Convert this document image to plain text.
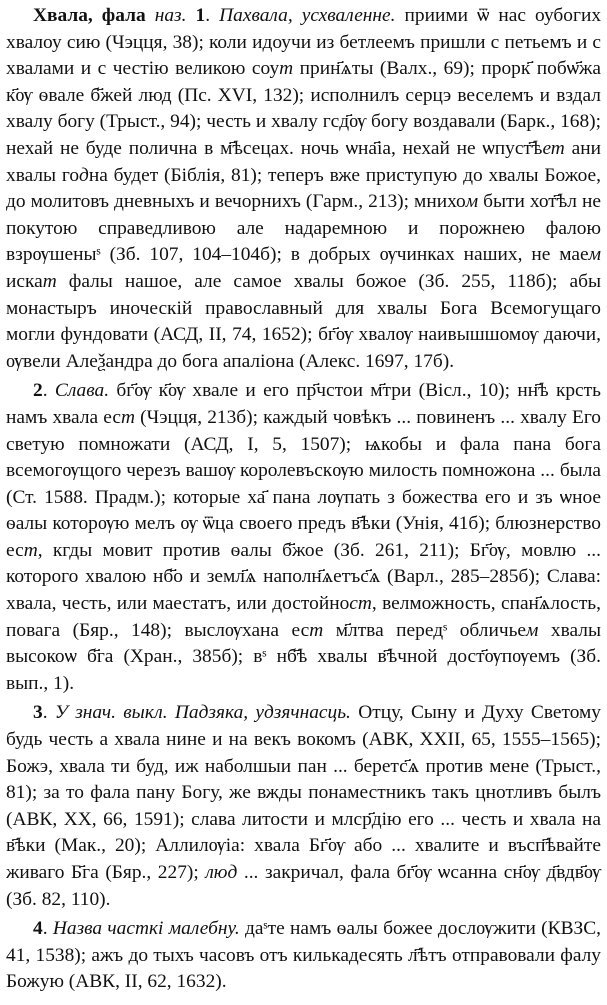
Хвала, фала наз. 1. Пахвала, усхваленне. приими ѿ нас оубогих хвалоу сию (Чэцця, 38); коли идоучи из бетлеемъ пришли с петьемъ и с хвалами и с честію великою соут прин҃ѧты (Валх., 69); прорк҃ побѡ҃жа к҃ѹ ѳвале б҃жей люд (Пс. XVI, 132); исполнилъ серцэ веселемъ и вздал хвалу богу (Трыст., 94); честь и хвалу гсд҃ѹ богу воздавали (Барк., 168); нехай не буде полична в м҃ѣсецах. ночь ѡна҃іа, нехай не ѡпуст҃ѣет ани хвалы годна будет (Біблія, 81); теперъ вже приступую до хвалы Божое, до молитовъ дневныхъ и вечорнихъ (Гарм., 213); мнихом быти хот҃ѣл не покутою справедливою але надаремною и порожнею фалою взрѹшеныˢ (Зб. 107, 104–104б); в добрых ѹчинках наших, не маем искат фалы нашое, але самое хвалы божое (Зб. 255, 118б); абы монастыръ иноческій православный для хвалы Бога Всемогущаго могли фундовати (АСД, II, 74, 1652); бг҃ѹ хвалѹ наивышшомѹ даючи, ѹвели Алеѯандра до бога апаліона (Алекс. 1697, 17б).

2. Слава. бг҃ѹ к҃ѹ хвале и его пр҃чстои м҃три (Вісл., 10); нн҃ѣ крсть намъ хвала ест (Чэцця, 213б); каждый човѣкъ ... повиненъ ... хвалу Его светую помножати (АСД, I, 5, 1507); ѩкобы и фала пана бога всемогѹщого черезъ вашѹ королевъскѹю милость помножона ... была (Ст. 1588. Прадм.); которые ха҃ пана лѹпать з божества его и зъ ѡное ѳалы которѹю мелъ ѹ ѿца своего предъ в҃ѣки (Унія, 41б); блюзнерство ест, кгды мовит против ѳалы б҃жое (Зб. 261, 211); Бг҃ѹ, мовлю ... которого хвалою нб҃о и земл҃ѧ наполн҃ѧетъс҃ѧ (Варл., 285–285б); Слава: хвала, честь, или маестатъ, или достойност, велможность, спан҃ѧлость, повага (Бяр., 148); выслѹхана ест м҃лтва передˢ обличьем хвалы высокоѡ б҃га (Хран., 385б); вˢ нб҃ѣ хвалы в҃ѣчной дост҃ѹпѹемъ (Зб. вып., 1).

3. У знач. выкл. Падзяка, удзячнасць. Отцу, Сыну и Духу Светому будь честь а хвала нине и на векъ вокомъ (АВК, XXII, 65, 1555–1565); Божэ, хвала ти буд, иж наболшыи пан ... беретс҃ѧ против мене (Трыст., 81); за то фала пану Богу, же вжды понаместникъ такъ цнотливъ былъ (АВК, XX, 66, 1591); слава литости и млср҃дію его ... честь и хвала на в҃ѣки (Мак., 20); Аллилѹіа: хвала Бг҃ѹ або ... хвалите и въсп҃ѣвайте живаго Б҃га (Бяр., 227); люд ... закричал, фала бг҃ѹ ѡсанна сн҃ѹ д҃вдв҃ѹ (Зб. 82, 110).

4. Назва часткі малебну. даˢте намъ ѳалы божее дослѹжити (КВЗС, 41, 1538); ажъ до тыхъ часовъ отъ килькадесять л҃ѣтъ отправовали фалу Божую (АВК, II, 62, 1632).
